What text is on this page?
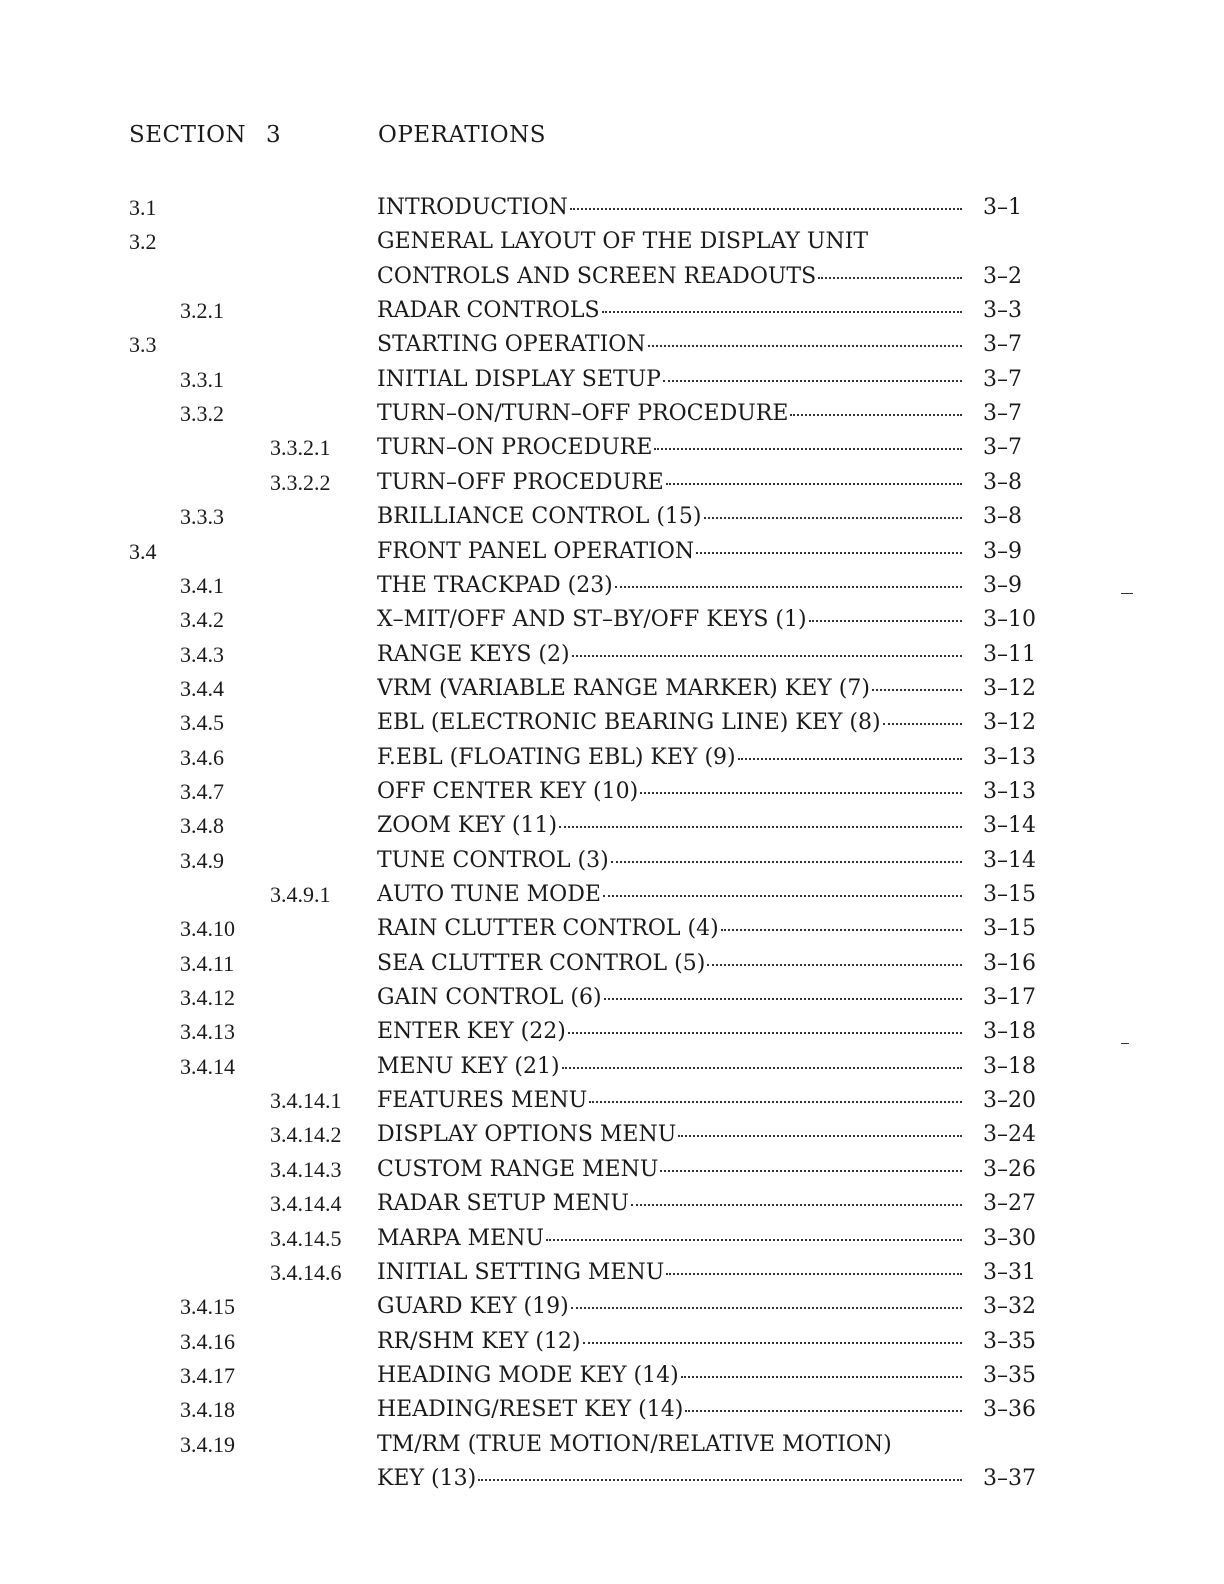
SECTION 3	OPERATIONS
3.1	INTRODUCTION	3–1
3.2	GENERAL LAYOUT OF THE DISPLAY UNIT
CONTROLS AND SCREEN READOUTS	3–2
3.2.1	RADAR CONTROLS	3–3
3.3	STARTING OPERATION	3–7
3.3.1	INITIAL DISPLAY SETUP	3–7
3.3.2	TURN–ON/TURN–OFF PROCEDURE	3–7
3.3.2.1 TURN–ON PROCEDURE	3–7
3.3.2.2 TURN–OFF PROCEDURE	3–8
3.3.3	BRILLIANCE CONTROL (15)	3–8
3.4	FRONT PANEL OPERATION	3–9
3.4.1	THE TRACKPAD (23)	3–9
3.4.2	X–MIT/OFF AND ST–BY/OFF KEYS (1)	3–10
3.4.3	RANGE KEYS (2)	3–11
3.4.4	VRM (VARIABLE RANGE MARKER) KEY (7)	3–12
3.4.5	EBL (ELECTRONIC BEARING LINE) KEY (8)	3–12
3.4.6	F.EBL (FLOATING EBL) KEY (9)	3–13
3.4.7	OFF CENTER KEY (10)	3–13
3.4.8	ZOOM KEY (11)	3–14
3.4.9	TUNE CONTROL (3)	3–14
3.4.9.1 AUTO TUNE MODE	3–15
3.4.10	RAIN CLUTTER CONTROL (4)	3–15
3.4.11	SEA CLUTTER CONTROL (5)	3–16
3.4.12	GAIN CONTROL (6)	3–17
3.4.13	ENTER KEY (22)	3–18
3.4.14	MENU KEY (21)	3–18
3.4.14.1 FEATURES MENU	3–20
3.4.14.2 DISPLAY OPTIONS MENU	3–24
3.4.14.3 CUSTOM RANGE MENU	3–26
3.4.14.4 RADAR SETUP MENU	3–27
3.4.14.5 MARPA MENU	3–30
3.4.14.6 INITIAL SETTING MENU	3–31
3.4.15	GUARD KEY (19)	3–32
3.4.16	RR/SHM KEY (12)	3–35
3.4.17	HEADING MODE KEY (14)	3–35
3.4.18	HEADING/RESET KEY (14)	3–36
3.4.19	TM/RM (TRUE MOTION/RELATIVE MOTION)
KEY (13)	3–37
